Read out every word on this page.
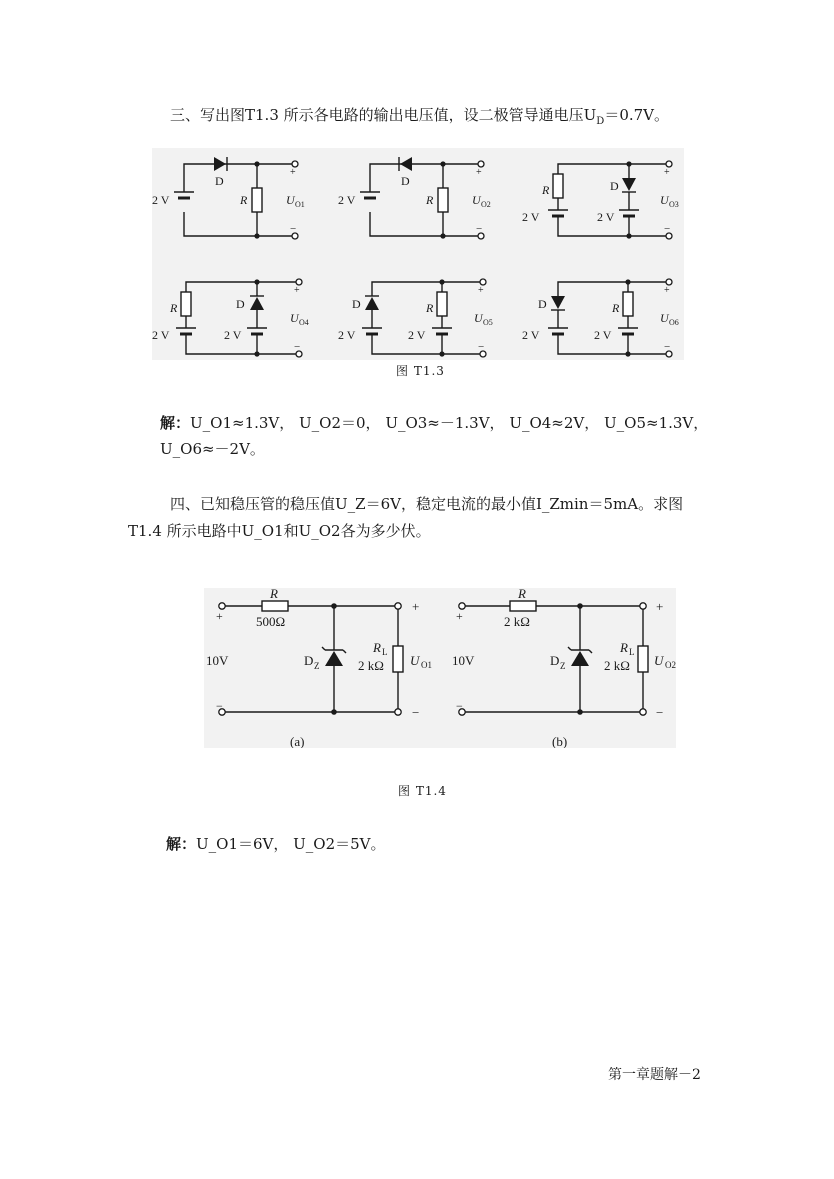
三、写出图T1.3 所示各电路的输出电压值，设二极管导通电压$U_D=0.7V$。
2 V
D
R
+
−
U O1	2 V
D
R
+
−
U O2
R
2 V
D
2 V
+
−
U O3
R
2 V
D
2 V
+
−
U O4
D
2 V
R
2 V
+
−
U O5
D
2 V
R
2 V
+
−
U O6
图 T1.3
解：U_O1≈1.3V， U_O2＝0， U_O3≈－1.3V， U_O4≈2V， U_O5≈1.3V，
U_O6≈－2V。
四、已知稳压管的稳压值U_Z＝6V，稳定电流的最小值I_Zmin＝5mA。求图
T1.4 所示电路中U_O1和U_O2各为多少伏。
+
−
10V
R
500Ω
D Z
R L
2 kΩ U O1
+
−
(a)
+
−
10V
R
2 kΩ
D Z
R L
2 kΩ U O2
+
−
(b)
图 T1.4
解：U_O1＝6V， U_O2＝5V。
第一章题解－2
